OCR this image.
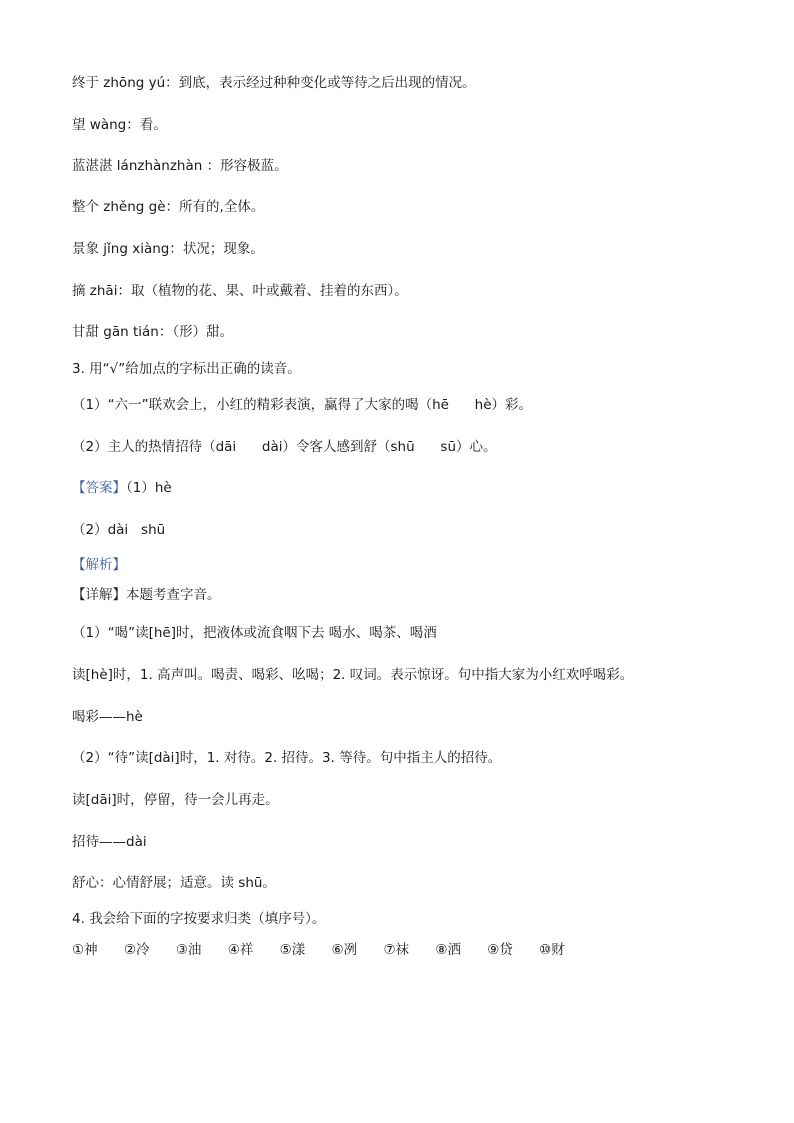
终于 zhōng yú：到底，表示经过种种变化或等待之后出现的情况。
望 wàng：看。
蓝湛湛 lánzhànzhàn ：形容极蓝。
整个 zhěng gè：所有的,全体。
景象 jǐng xiàng：状况；现象。
摘 zhāi：取（植物的花、果、叶或戴着、挂着的东西）。
甘甜 gān tián：（形）甜。
3. 用“√”给加点的字标出正确的读音。
（1）“六一”联欢会上，小红的精彩表演，赢得了大家的喝（hē      hè）彩。
（2）主人的热情招待（dāi      dài）令客人感到舒（shū      sū）心。
【答案】（1）hè
（2）dài   shū
【解析】
【详解】本题考查字音。
（1）“喝”读[hē]时，把液体或流食咽下去 喝水、喝茶、喝酒
读[hè]时，1. 高声叫。喝责、喝彩、吆喝；2. 叹词。表示惊讶。句中指大家为小红欢呼喝彩。
喝彩——hè
（2）“待”读[dài]时，1. 对待。2. 招待。3. 等待。句中指主人的招待。
读[dāi]时，停留，待一会儿再走。
招待——dài
舒心：心情舒展；适意。读 shū。
4. 我会给下面的字按要求归类（填序号）。
①神 ②冷 ③油 ④祥 ⑤漾 ⑥冽 ⑦袜 ⑧洒 ⑨贷 ⑩财
